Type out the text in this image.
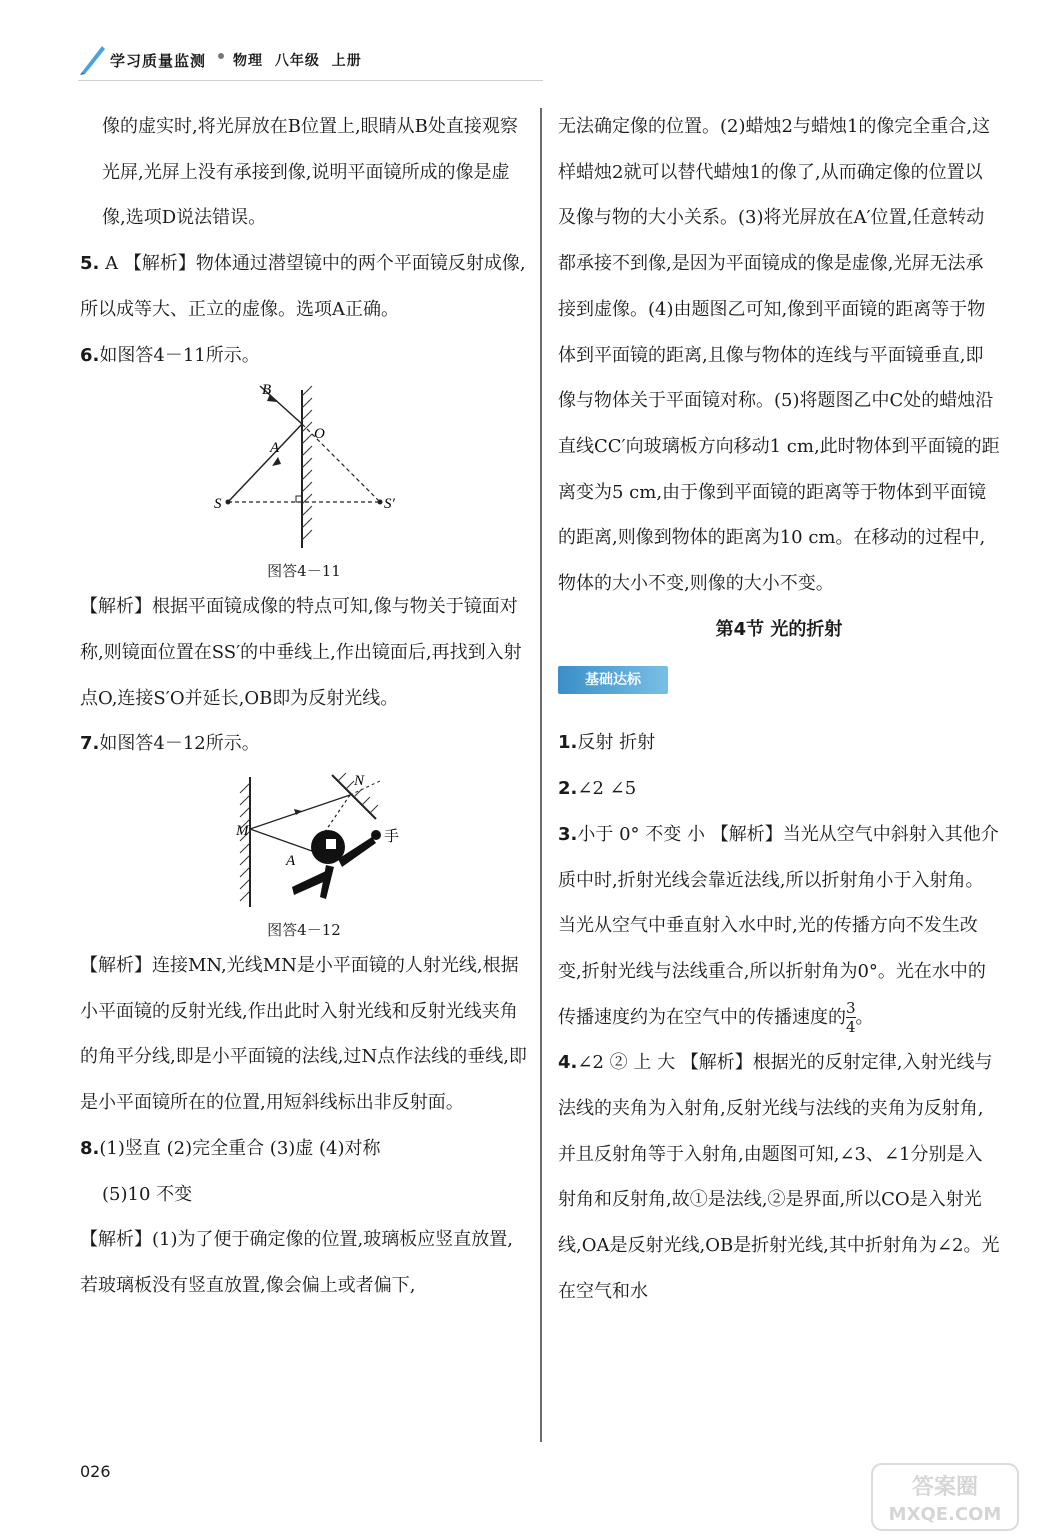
学习质量监测 物理 八年级 上册

像的虚实时,将光屏放在B位置上,眼睛从B处直接观察光屏,光屏上没有承接到像,说明平面镜所成的像是虚像,选项D说法错误。

5. A 【解析】物体通过潜望镜中的两个平面镜反射成像,所以成等大、正立的虚像。选项A正确。

6.如图答4－11所示。

B
O
A
S	S′

图答4－11

【解析】根据平面镜成像的特点可知,像与物关于镜面对称,则镜面位置在SS′的中垂线上,作出镜面后,再找到入射点O,连接S′O并延长,OB即为反射光线。

7.如图答4－12所示。

M
N
A
手

图答4－12

【解析】连接MN,光线MN是小平面镜的人射光线,根据小平面镜的反射光线,作出此时入射光线和反射光线夹角的角平分线,即是小平面镜的法线,过N点作法线的垂线,即是小平面镜所在的位置,用短斜线标出非反射面。

8.(1)竖直 (2)完全重合 (3)虚 (4)对称

(5)10 不变

【解析】(1)为了便于确定像的位置,玻璃板应竖直放置,若玻璃板没有竖直放置,像会偏上或者偏下,

无法确定像的位置。(2)蜡烛2与蜡烛1的像完全重合,这样蜡烛2就可以替代蜡烛1的像了,从而确定像的位置以及像与物的大小关系。(3)将光屏放在A′位置,任意转动都承接不到像,是因为平面镜成的像是虚像,光屏无法承接到虚像。(4)由题图乙可知,像到平面镜的距离等于物体到平面镜的距离,且像与物体的连线与平面镜垂直,即像与物体关于平面镜对称。(5)将题图乙中C处的蜡烛沿直线CC′向玻璃板方向移动1 cm,此时物体到平面镜的距离变为5 cm,由于像到平面镜的距离等于物体到平面镜的距离,则像到物体的距离为10 cm。在移动的过程中,物体的大小不变,则像的大小不变。

第4节 光的折射

基础达标

1.反射 折射

2.∠2 ∠5

3.小于 0° 不变 小 【解析】当光从空气中斜射入其他介质中时,折射光线会靠近法线,所以折射角小于入射角。当光从空气中垂直射入水中时,光的传播方向不发生改变,折射光线与法线重合,所以折射角为0°。光在水中的传播速度约为在空气中的传播速度的 $\frac{3}{4}$ 。

4.∠2 ② 上 大 【解析】根据光的反射定律,入射光线与法线的夹角为入射角,反射光线与法线的夹角为反射角,并且反射角等于入射角,由题图可知,∠3、∠1分别是入射角和反射角,故①是法线,②是界面,所以CO是入射光线,OA是反射光线,OB是折射光线,其中折射角为∠2。光在空气和水

026
答案圈
MXQE.COM
